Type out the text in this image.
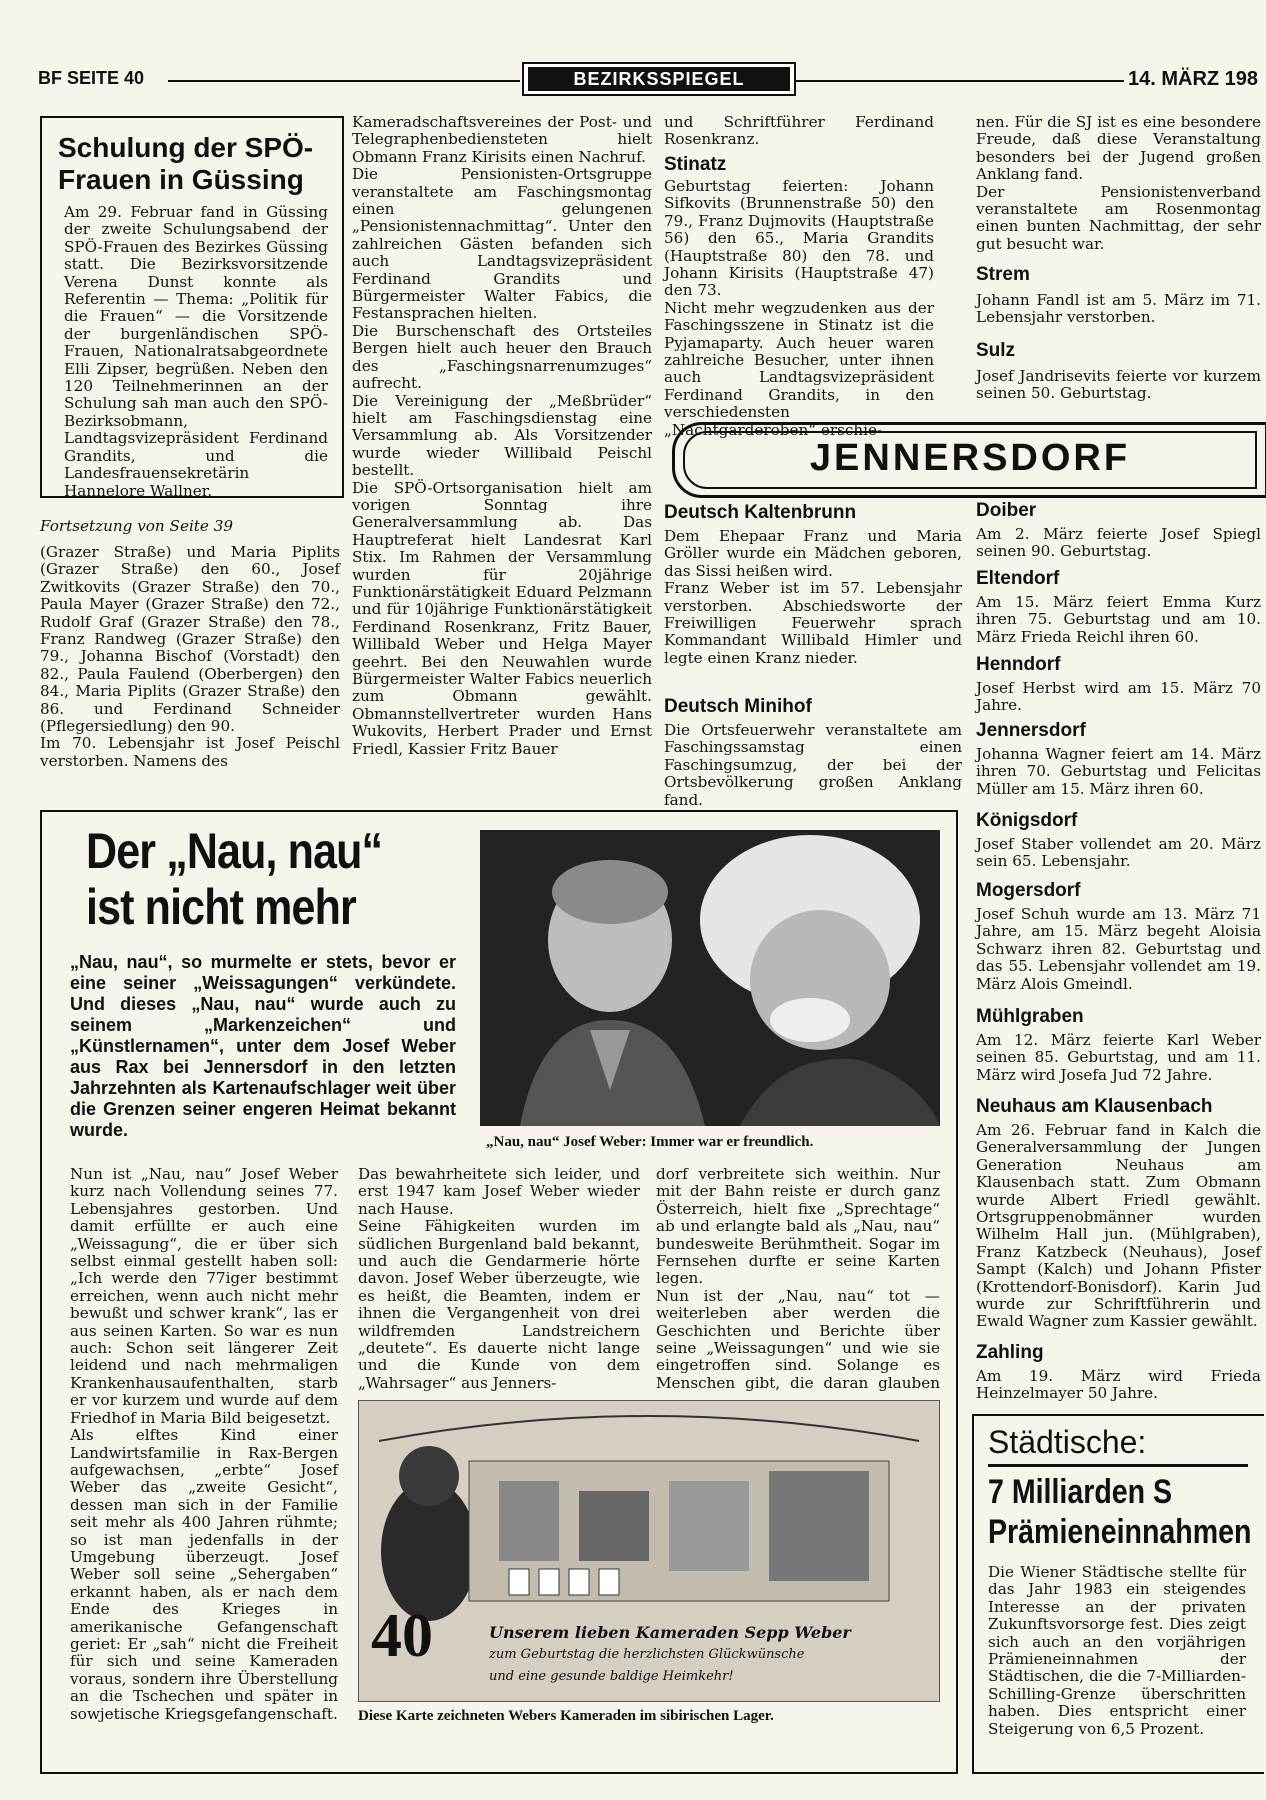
BF SEITE 40	BEZIRKSSPIEGEL	14. MÄRZ 198
Schulung der SPÖ-Frauen in Güssing

Am 29. Februar fand in Güssing der zweite Schulungsabend der SPÖ-Frauen des Bezirkes Güssing statt. Die Bezirksvorsitzende Verena Dunst konnte als Referentin — Thema: „Politik für die Frauen“ — die Vorsitzende der burgenländischen SPÖ-Frauen, Nationalratsabgeordnete Elli Zipser, begrüßen. Neben den 120 Teilnehmerinnen an der Schulung sah man auch den SPÖ-Bezirksobmann, Landtagsvizepräsident Ferdinand Grandits, und die Landesfrauensekretärin Hannelore Wallner.

Fortsetzung von Seite 39

(Grazer Straße) und Maria Piplits (Grazer Straße) den 60., Josef Zwitkovits (Grazer Straße) den 70., Paula Mayer (Grazer Straße) den 72., Rudolf Graf (Grazer Straße) den 78., Franz Randweg (Grazer Straße) den 79., Johanna Bischof (Vorstadt) den 82., Paula Faulend (Oberbergen) den 84., Maria Piplits (Grazer Straße) den 86. und Ferdinand Schneider (Pflegersiedlung) den 90.
Im 70. Lebensjahr ist Josef Peischl verstorben. Namens des

Kameradschaftsvereines der Post- und Telegraphenbediensteten hielt Obmann Franz Kirisits einen Nachruf.
Die Pensionisten-Ortsgruppe veranstaltete am Faschingsmontag einen gelungenen „Pensionistennachmittag“. Unter den zahlreichen Gästen befanden sich auch Landtagsvizepräsident Ferdinand Grandits und Bürgermeister Walter Fabics, die Festansprachen hielten.
Die Burschenschaft des Ortsteiles Bergen hielt auch heuer den Brauch des „Faschingsnarrenumzuges“ aufrecht.
Die Vereinigung der „Meßbrüder“ hielt am Faschingsdienstag eine Versammlung ab. Als Vorsitzender wurde wieder Willibald Peischl bestellt.
Die SPÖ-Ortsorganisation hielt am vorigen Sonntag ihre Generalversammlung ab. Das Hauptreferat hielt Landesrat Karl Stix. Im Rahmen der Versammlung wurden für 20jährige Funktionärstätigkeit Eduard Pelzmann und für 10jährige Funktionärstätigkeit Ferdinand Rosenkranz, Fritz Bauer, Willibald Weber und Helga Mayer geehrt. Bei den Neuwahlen wurde Bürgermeister Walter Fabics neuerlich zum Obmann gewählt. Obmannstellvertreter wurden Hans Wukovits, Herbert Prader und Ernst Friedl, Kassier Fritz Bauer

und Schriftführer Ferdinand Rosenkranz.

Stinatz

Geburtstag feierten: Johann Sifkovits (Brunnenstraße 50) den 79., Franz Dujmovits (Hauptstraße 56) den 65., Maria Grandits (Hauptstraße 80) den 78. und Johann Kirisits (Hauptstraße 47) den 73.
Nicht mehr wegzudenken aus der Faschingsszene in Stinatz ist die Pyjamaparty. Auch heuer waren zahlreiche Besucher, unter ihnen auch Landtagsvizepräsident Ferdinand Grandits, in den verschiedensten „Nachtgarderoben“ erschie-

nen. Für die SJ ist es eine besondere Freude, daß diese Veranstaltung besonders bei der Jugend großen Anklang fand.
Der Pensionistenverband veranstaltete am Rosenmontag einen bunten Nachmittag, der sehr gut besucht war.

Strem

Johann Fandl ist am 5. März im 71. Lebensjahr verstorben.

Sulz

Josef Jandrisevits feierte vor kurzem seinen 50. Geburtstag.

JENNERSDORF
Deutsch Kaltenbrunn

Dem Ehepaar Franz und Maria Gröller wurde ein Mädchen geboren, das Sissi heißen wird.
Franz Weber ist im 57. Lebensjahr verstorben. Abschiedsworte der Freiwilligen Feuerwehr sprach Kommandant Willibald Himler und legte einen Kranz nieder.

Deutsch Minihof

Die Ortsfeuerwehr veranstaltete am Faschingssamstag einen Faschingsumzug, der bei der Ortsbevölkerung großen Anklang fand.

Doiber

Am 2. März feierte Josef Spiegl seinen 90. Geburtstag.

Eltendorf

Am 15. März feiert Emma Kurz ihren 75. Geburtstag und am 10. März Frieda Reichl ihren 60.

Henndorf

Josef Herbst wird am 15. März 70 Jahre.

Jennersdorf

Johanna Wagner feiert am 14. März ihren 70. Geburtstag und Felicitas Müller am 15. März ihren 60.

Königsdorf

Josef Staber vollendet am 20. März sein 65. Lebensjahr.

Mogersdorf

Josef Schuh wurde am 13. März 71 Jahre, am 15. März begeht Aloisia Schwarz ihren 82. Geburtstag und das 55. Lebensjahr vollendet am 19. März Alois Gmeindl.

Mühlgraben

Am 12. März feierte Karl Weber seinen 85. Geburtstag, und am 11. März wird Josefa Jud 72 Jahre.

Neuhaus am Klausenbach

Am 26. Februar fand in Kalch die Generalversammlung der Jungen Generation Neuhaus am Klausenbach statt. Zum Obmann wurde Albert Friedl gewählt. Ortsgruppenobmänner wurden Wilhelm Hall jun. (Mühlgraben), Franz Katzbeck (Neuhaus), Josef Sampt (Kalch) und Johann Pfister (Krottendorf-Bonisdorf). Karin Jud wurde zur Schriftführerin und Ewald Wagner zum Kassier gewählt.

Zahling

Am 19. März wird Frieda Heinzelmayer 50 Jahre.

Der „Nau, nau“
ist nicht mehr

„Nau, nau“, so murmelte er stets, bevor er eine seiner „Weissagungen“ verkündete. Und dieses „Nau, nau“ wurde auch zu seinem „Markenzeichen“ und „Künstlernamen“, unter dem Josef Weber aus Rax bei Jennersdorf in den letzten Jahrzehnten als Kartenaufschlager weit über die Grenzen seiner engeren Heimat bekannt wurde.

„Nau, nau“ Josef Weber: Immer war er freundlich.

Nun ist „Nau, nau“ Josef Weber kurz nach Vollendung seines 77. Lebensjahres gestorben. Und damit erfüllte er auch eine „Weissagung“, die er über sich selbst einmal gestellt haben soll: „Ich werde den 77iger bestimmt erreichen, wenn auch nicht mehr bewußt und schwer krank“, las er aus seinen Karten. So war es nun auch: Schon seit längerer Zeit leidend und nach mehrmaligen Krankenhausaufenthalten, starb er vor kurzem und wurde auf dem Friedhof in Maria Bild beigesetzt.
Als elftes Kind einer Landwirtsfamilie in Rax-Bergen aufgewachsen, „erbte“ Josef Weber das „zweite Gesicht“, dessen man sich in der Familie seit mehr als 400 Jahren rühmte; so ist man jedenfalls in der Umgebung überzeugt. Josef Weber soll seine „Sehergaben“ erkannt haben, als er nach dem Ende des Krieges in amerikanische Gefangenschaft geriet: Er „sah“ nicht die Freiheit für sich und seine Kameraden voraus, sondern ihre Überstellung an die Tschechen und später in sowjetische Kriegsgefangenschaft.

Das bewahrheitete sich leider, und erst 1947 kam Josef Weber wieder nach Hause.
Seine Fähigkeiten wurden im südlichen Burgenland bald bekannt, und auch die Gendarmerie hörte davon. Josef Weber überzeugte, wie es heißt, die Beamten, indem er ihnen die Vergangenheit von drei wildfremden Landstreichern „deutete“. Es dauerte nicht lange und die Kunde von dem „Wahrsager“ aus Jenners-

dorf verbreitete sich weithin. Nur mit der Bahn reiste er durch ganz Österreich, hielt fixe „Sprechtage“ ab und erlangte bald als „Nau, nau“ bundesweite Berühmtheit. Sogar im Fernsehen durfte er seine Karten legen.
Nun ist der „Nau, nau“ tot — weiterleben aber werden die Geschichten und Berichte über seine „Weissagungen“ und wie sie eingetroffen sind. Solange es Menschen gibt, die daran glauben

40	Unserem lieben Kameraden Sepp Weber
zum Geburtstag die herzlichsten Glückwünsche
und eine gesunde baldige Heimkehr!

Diese Karte zeichneten Webers Kameraden im sibirischen Lager.

Städtische:
7 Milliarden S
Prämieneinnahmen

Die Wiener Städtische stellte für das Jahr 1983 ein steigendes Interesse an der privaten Zukunftsvorsorge fest. Dies zeigt sich auch an den vorjährigen Prämieneinnahmen der Städtischen, die die 7-Milliarden-Schilling-Grenze überschritten haben. Dies entspricht einer Steigerung von 6,5 Prozent.
